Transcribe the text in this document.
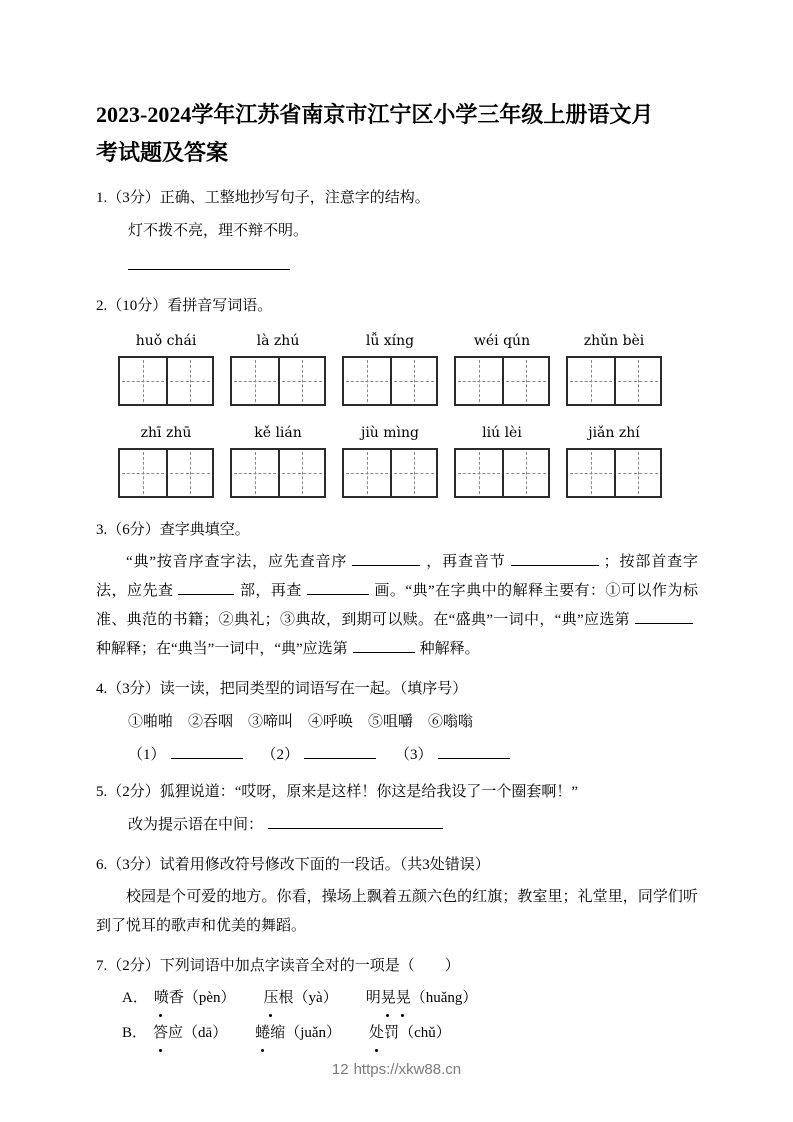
2023-2024学年江苏省南京市江宁区小学三年级上册语文月
考试题及答案
1.（3分）正确、工整地抄写句子，注意字的结构。
灯不拨不亮，理不辩不明。
2.（10分）看拼音写词语。
huǒ chái	là zhú	lǚ xíng	wéi qún	zhǔn bèi
zhī zhū	kě lián	jiù mìng	liú lèi	jiǎn zhí
3.（6分）查字典填空。

“典”按音序查字法，应先查音序	，再查音节	；按部首查字法，应先查	部，再查	画。“典”在字典中的解释主要有：①可以作为标准、典范的书籍；②典礼；③典故，到期可以赎。在“盛典”一词中，“典”应选第种解释；在“典当”一词中，“典”应选第	种解释。

4.（3分）读一读，把同类型的词语写在一起。（填序号）
①啪啪　②吞咽　③啼叫　④呼唤　⑤咀嚼　⑥嗡嗡
（1）	（2）	（3）
5.（2分）狐狸说道：“哎呀，原来是这样！你这是给我设了一个圈套啊！”
改为提示语在中间：
6.（3分）试着用修改符号修改下面的一段话。（共3处错误）

校园是个可爱的地方。你看，操场上飘着五颜六色的红旗；教室里；礼堂里，同学们听到了悦耳的歌声和优美的舞蹈。

7.（2分）下列词语中加点字读音全对的一项是（　　）
A． 喷香（pèn） 压根（yà） 明晃晃（huǎng）
B． 答应（dā） 蜷缩（juǎn） 处罚（chǔ）
12 https://xkw88.cn
